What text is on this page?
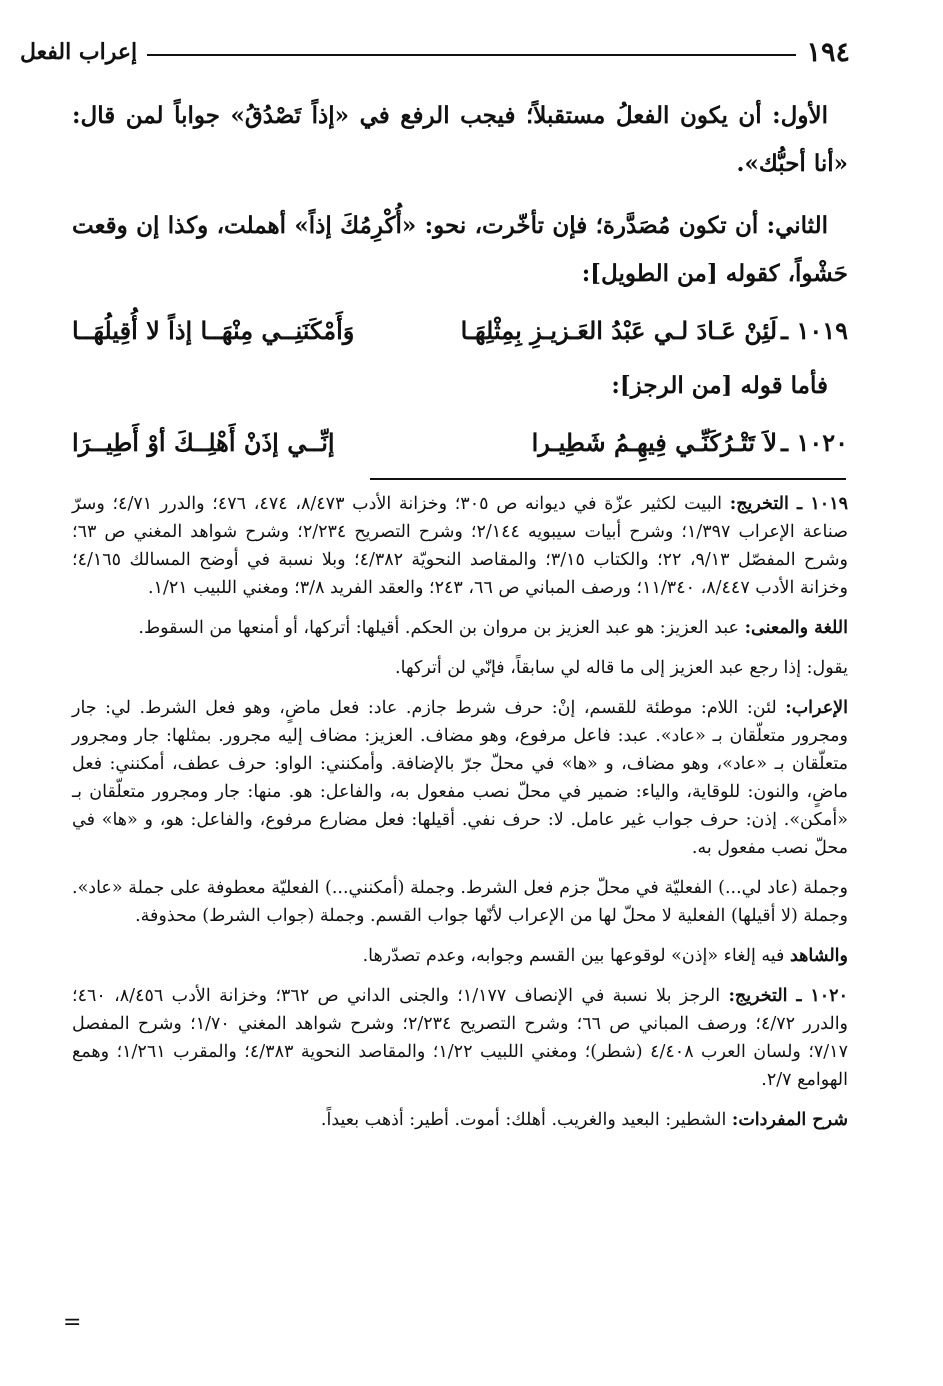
١٩٤
إعراب الفعل

الأول: أن يكون الفعلُ مستقبلاً؛ فيجب الرفع في «إذاً تَصْدُقُ» جواباً لمن قال: «أنا أحبُّك».

الثاني: أن تكون مُصَدَّرة؛ فإن تأخّرت، نحو: «أُكْرِمُكَ إذاً» أهملت، وكذا إن وقعت حَشْواً، كقوله [من الطويل]:

١٠١٩ ـ
لَئِنْ عَـادَ لـي عَبْدُ العَـزيـزِ بِمِثْلِهَـا
وَأَمْكَنَنِــي مِنْهَــا إذاً لا أُقِيلُهَــا

فأما قوله [من الرجز]:

١٠٢٠ ـ
لاَ تَتْـرُكَنِّـي فِيهِـمُ شَطِيـرا
إنِّــي إذَنْ أَهْلِــكَ أوْ أَطِيــرَا

١٠١٩ ـ التخريج: البيت لكثير عزّة في ديوانه ص ٣٠٥؛ وخزانة الأدب ٨/٤٧٣، ٤٧٤، ٤٧٦؛ والدرر ٤/٧١؛ وسرّ صناعة الإعراب ١/٣٩٧؛ وشرح أبيات سيبويه ٢/١٤٤؛ وشرح التصريح ٢/٢٣٤؛ وشرح شواهد المغني ص ٦٣؛ وشرح المفصّل ٩/١٣، ٢٢؛ والكتاب ٣/١٥؛ والمقاصد النحويّة ٤/٣٨٢؛ وبلا نسبة في أوضح المسالك ٤/١٦٥؛ وخزانة الأدب ٨/٤٤٧، ١١/٣٤٠؛ ورصف المباني ص ٦٦، ٢٤٣؛ والعقد الفريد ٣/٨؛ ومغني اللبيب ١/٢١.

اللغة والمعنى: عبد العزيز: هو عبد العزيز بن مروان بن الحكم. أقيلها: أتركها، أو أمنعها من السقوط.

يقول: إذا رجع عبد العزيز إلى ما قاله لي سابقاً، فإنّي لن أتركها.

الإعراب: لئن: اللام: موطئة للقسم، إنْ: حرف شرط جازم. عاد: فعل ماضٍ، وهو فعل الشرط. لي: جار ومجرور متعلّقان بـ «عاد». عبد: فاعل مرفوع، وهو مضاف. العزيز: مضاف إليه مجرور. بمثلها: جار ومجرور متعلّقان بـ «عاد»، وهو مضاف، و «ها» في محلّ جرّ بالإضافة. وأمكنني: الواو: حرف عطف، أمكنني: فعل ماضٍ، والنون: للوقاية، والياء: ضمير في محلّ نصب مفعول به، والفاعل: هو. منها: جار ومجرور متعلّقان بـ «أمكن». إذن: حرف جواب غير عامل. لا: حرف نفي. أقيلها: فعل مضارع مرفوع، والفاعل: هو، و «ها» في محلّ نصب مفعول به.

وجملة (عاد لي...) الفعليّة في محلّ جزم فعل الشرط. وجملة (أمكنني...) الفعليّة معطوفة على جملة «عاد». وجملة (لا أقيلها) الفعلية لا محلّ لها من الإعراب لأنّها جواب القسم. وجملة (جواب الشرط) محذوفة.

والشاهد فيه إلغاء «إذن» لوقوعها بين القسم وجوابه، وعدم تصدّرها.

١٠٢٠ ـ التخريج: الرجز بلا نسبة في الإنصاف ١/١٧٧؛ والجنى الداني ص ٣٦٢؛ وخزانة الأدب ٨/٤٥٦، ٤٦٠؛ والدرر ٤/٧٢؛ ورصف المباني ص ٦٦؛ وشرح التصريح ٢/٢٣٤؛ وشرح شواهد المغني ١/٧٠؛ وشرح المفصل ٧/١٧؛ ولسان العرب ٤/٤٠٨ (شطر)؛ ومغني اللبيب ١/٢٢؛ والمقاصد النحوية ٤/٣٨٣؛ والمقرب ١/٢٦١؛ وهمع الهوامع ٢/٧.

شرح المفردات: الشطير: البعيد والغريب. أهلك: أموت. أطير: أذهب بعيداً.

=
